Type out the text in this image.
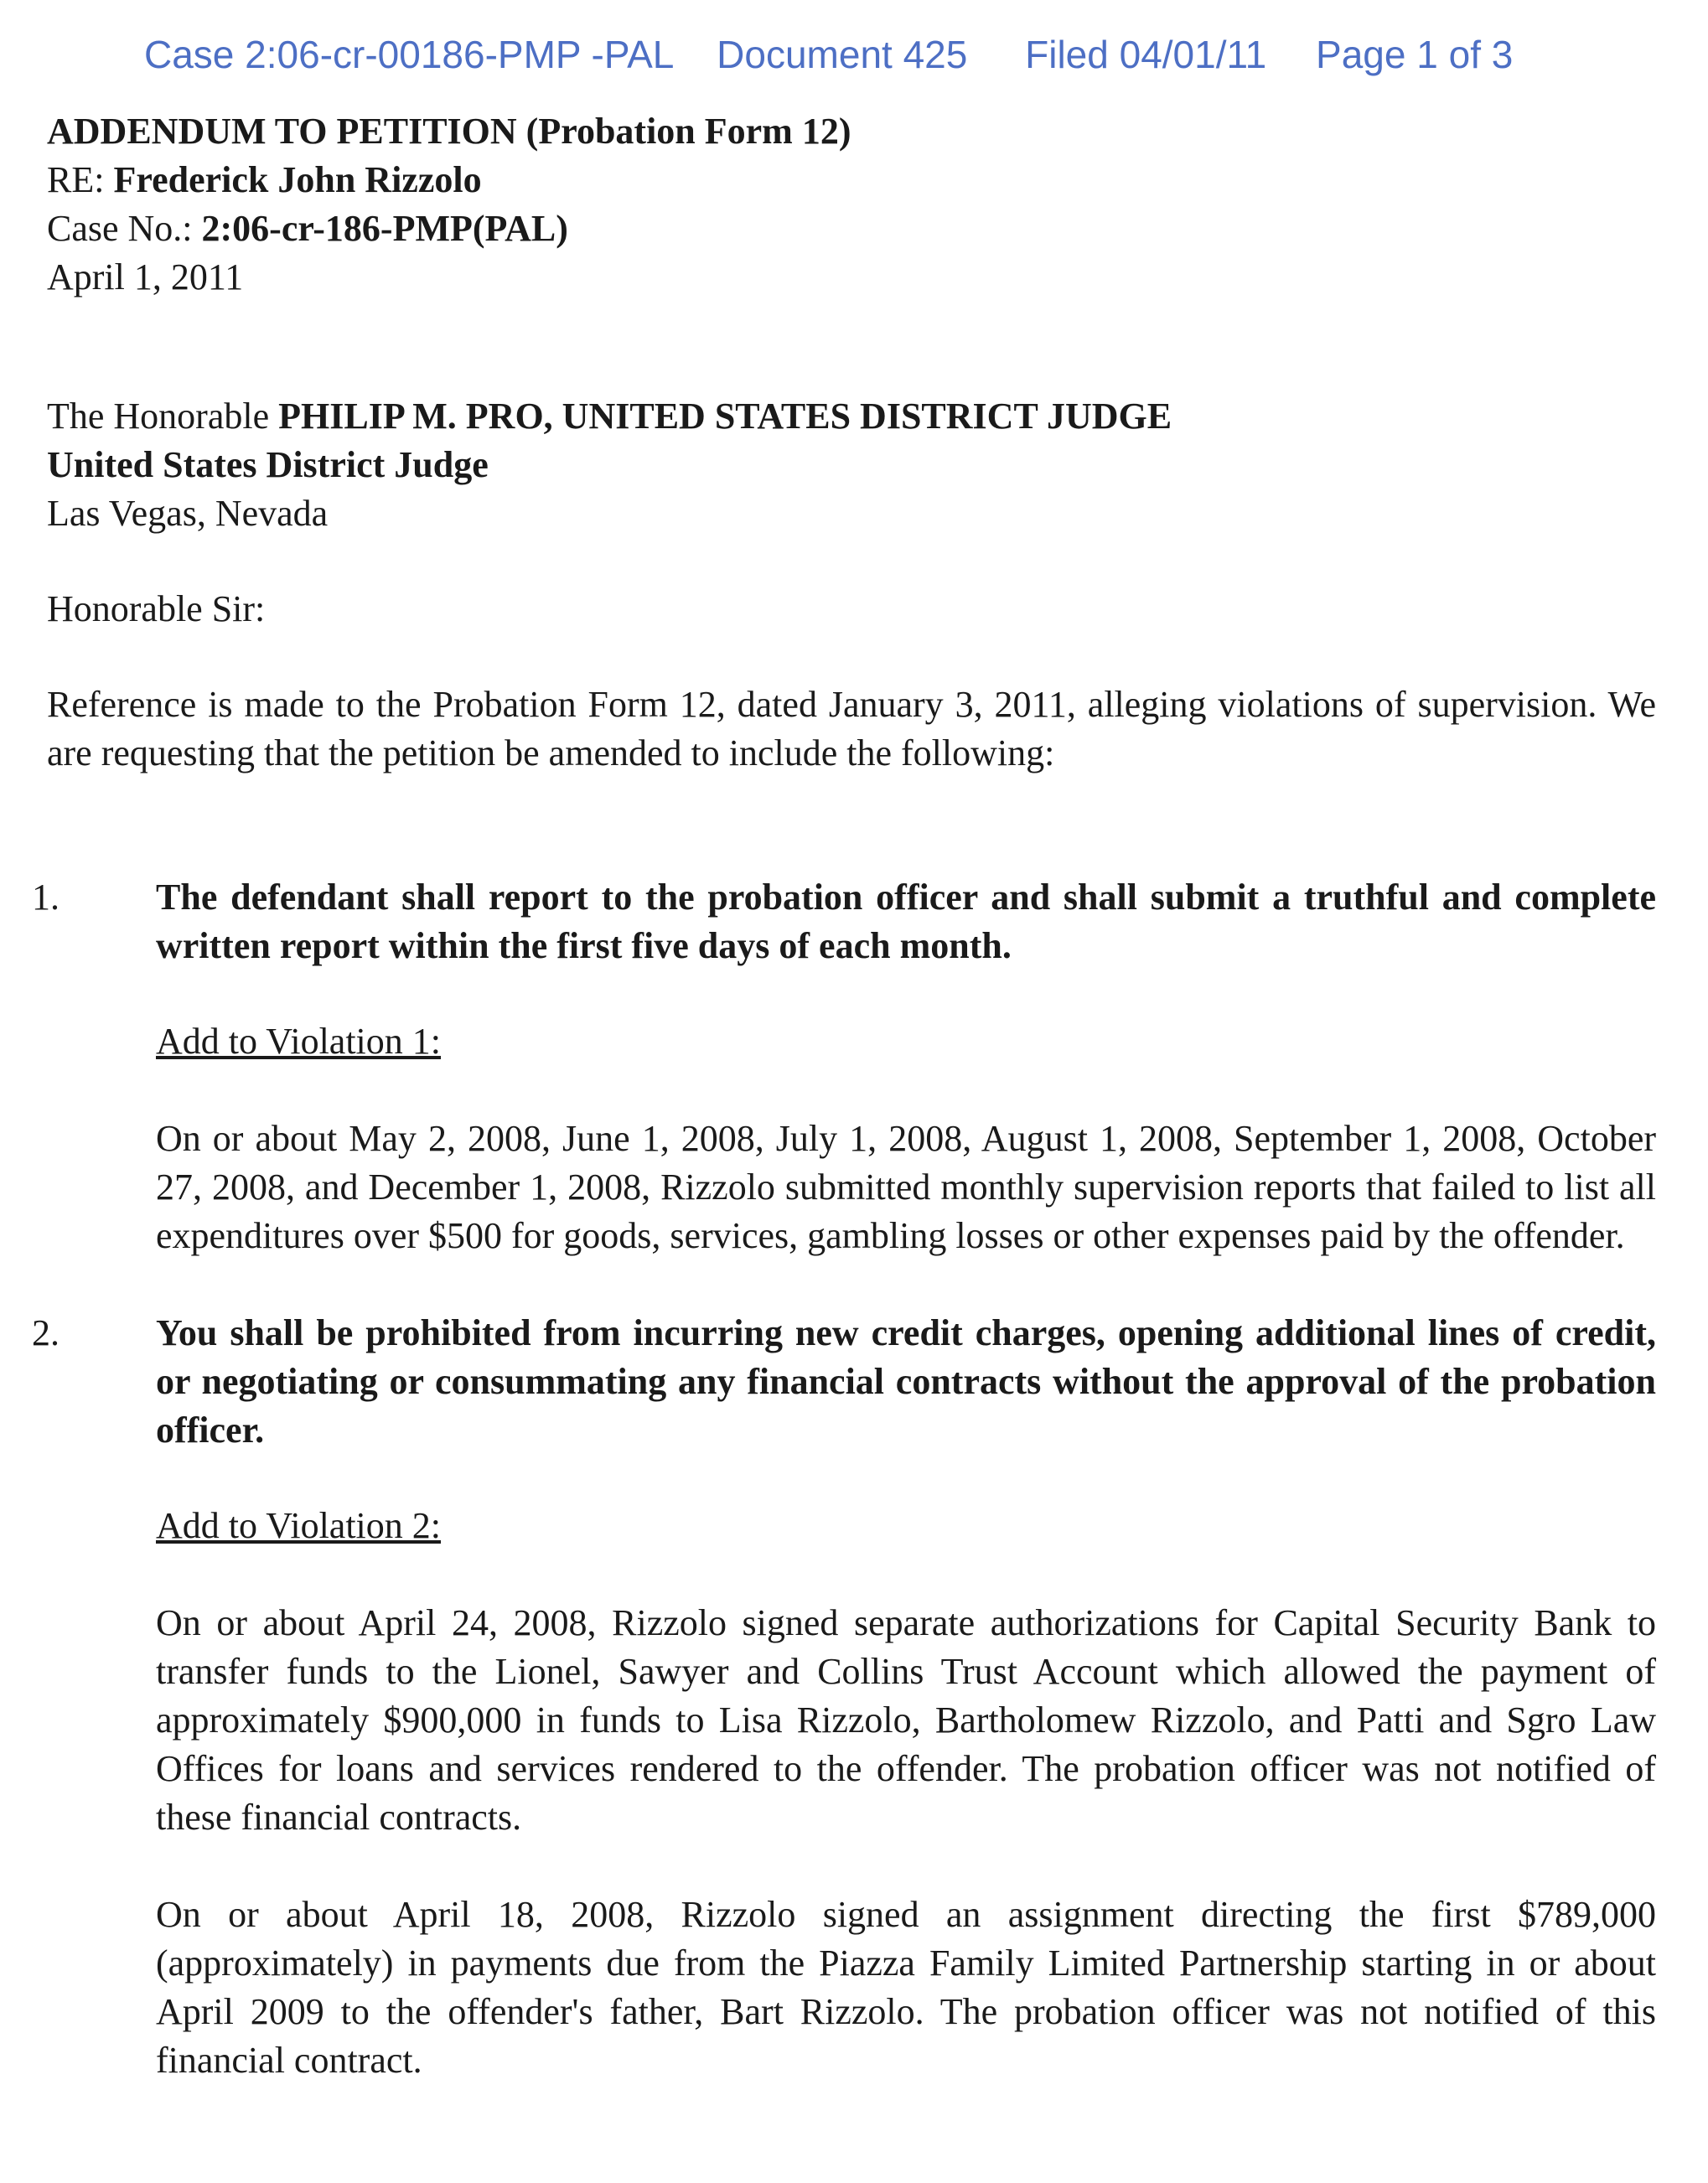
Case 2:06-cr-00186-PMP -PAL Document 425 Filed 04/01/11 Page 1 of 3
ADDENDUM TO PETITION (Probation Form 12)
RE: Frederick John Rizzolo
Case No.: 2:06-cr-186-PMP(PAL)
April 1, 2011
The Honorable PHILIP M. PRO, UNITED STATES DISTRICT JUDGE
United States District Judge
Las Vegas, Nevada
Honorable Sir:
Reference is made to the Probation Form 12, dated January 3, 2011, alleging violations of supervision. We are requesting that the petition be amended to include the following:
1.	The defendant shall report to the probation officer and shall submit a truthful and complete written report within the first five days of each month.
Add to Violation 1:
On or about May 2, 2008, June 1, 2008, July 1, 2008, August 1, 2008, September 1, 2008, October 27, 2008, and December 1, 2008, Rizzolo submitted monthly supervision reports that failed to list all expenditures over $500 for goods, services, gambling losses or other expenses paid by the offender.
2.	You shall be prohibited from incurring new credit charges, opening additional lines of credit, or negotiating or consummating any financial contracts without the approval of the probation officer.
Add to Violation 2:
On or about April 24, 2008, Rizzolo signed separate authorizations for Capital Security Bank to transfer funds to the Lionel, Sawyer and Collins Trust Account which allowed the payment of approximately $900,000 in funds to Lisa Rizzolo, Bartholomew Rizzolo, and Patti and Sgro Law Offices for loans and services rendered to the offender. The probation officer was not notified of these financial contracts.
On or about April 18, 2008, Rizzolo signed an assignment directing the first $789,000 (approximately) in payments due from the Piazza Family Limited Partnership starting in or about April 2009 to the offender's father, Bart Rizzolo. The probation officer was not notified of this financial contract.
